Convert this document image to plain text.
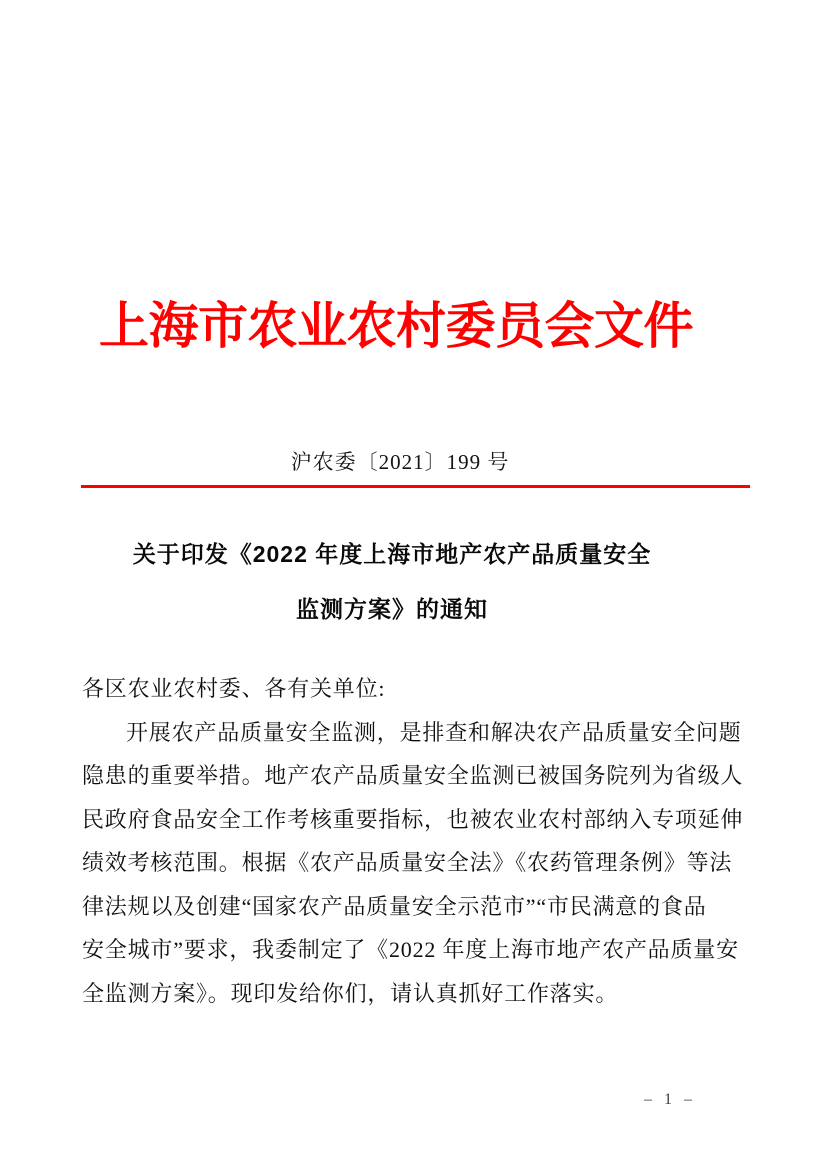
上海市农业农村委员会文件
沪农委〔2021〕199 号
关于印发《2022 年度上海市地产农产品质量安全
监测方案》的通知
各区农业农村委、各有关单位:
开展农产品质量安全监测，是排查和解决农产品质量安全问题
隐患的重要举措。地产农产品质量安全监测已被国务院列为省级人
民政府食品安全工作考核重要指标，也被农业农村部纳入专项延伸
绩效考核范围。根据《农产品质量安全法》《农药管理条例》等法
律法规以及创建“国家农产品质量安全示范市”“市民满意的食品
安全城市”要求，我委制定了《2022 年度上海市地产农产品质量安
全监测方案》。现印发给你们，请认真抓好工作落实。
– 1 –
